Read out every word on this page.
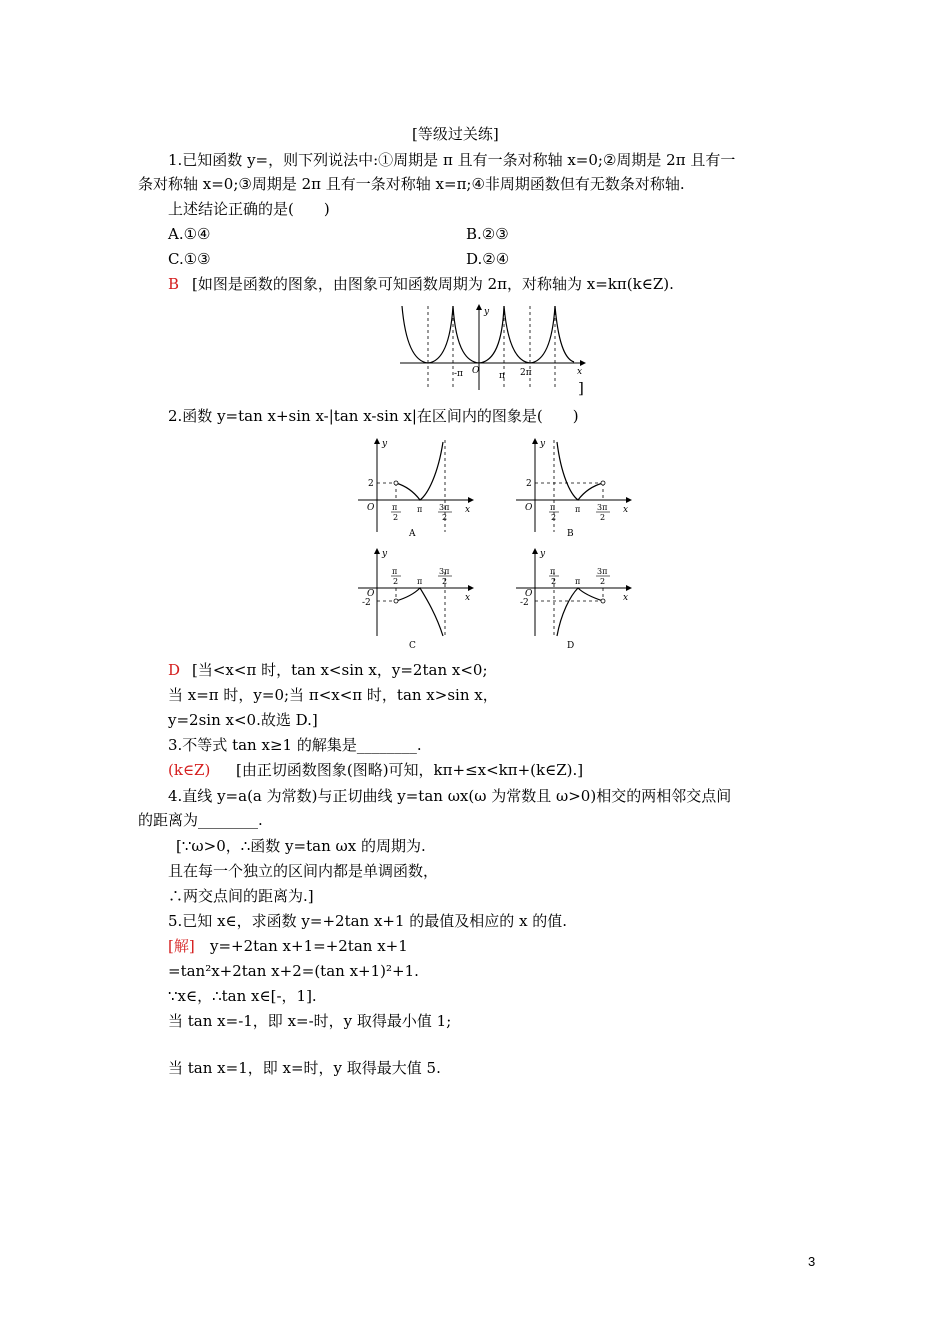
[等级过关练]
1.已知函数 y=，则下列说法中:①周期是 π 且有一条对称轴 x=0;②周期是 2π 且有一
条对称轴 x=0;③周期是 2π 且有一条对称轴 x=π;④非周期函数但有无数条对称轴.
上述结论正确的是(　　)
A.①④	B.②③
C.①③	D.②④
B [如图是函数的图象，由图象可知函数周期为 2π，对称轴为 x=kπ(k∈Z).
y
x
O
-π	π 2π
]
2.函数 y=tan x+sin x-|tan x-sin x|在区间内的图象是(　　)
y
x
O
2
π
2
π 3π
2
A
y
x
O
2
π
2
π 3π
2
B
y
x
O
-2
π
2 π
3π
2
C
y
x
O
-2
π
2 π
3π
2
D
D [当<x<π 时，tan x<sin x，y=2tan x<0;
当 x=π 时，y=0;当 π<x<π 时，tan x>sin x，
y=2sin x<0.故选 D.]
3.不等式 tan x≥1 的解集是________.
(k∈Z) [由正切函数图象(图略)可知，kπ+≤x<kπ+(k∈Z).]
4.直线 y=a(a 为常数)与正切曲线 y=tan ωx(ω 为常数且 ω>0)相交的两相邻交点间
的距离为________.
[∵ω>0，∴函数 y=tan ωx 的周期为.
且在每一个独立的区间内都是单调函数，
∴两交点间的距离为.]
5.已知 x∈，求函数 y=+2tan x+1 的最值及相应的 x 的值.
[解] y=+2tan x+1=+2tan x+1
=tan²x+2tan x+2=(tan x+1)²+1.
∵x∈，∴tan x∈[-，1].
当 tan x=-1，即 x=-时，y 取得最小值 1;
当 tan x=1，即 x=时，y 取得最大值 5.
3
